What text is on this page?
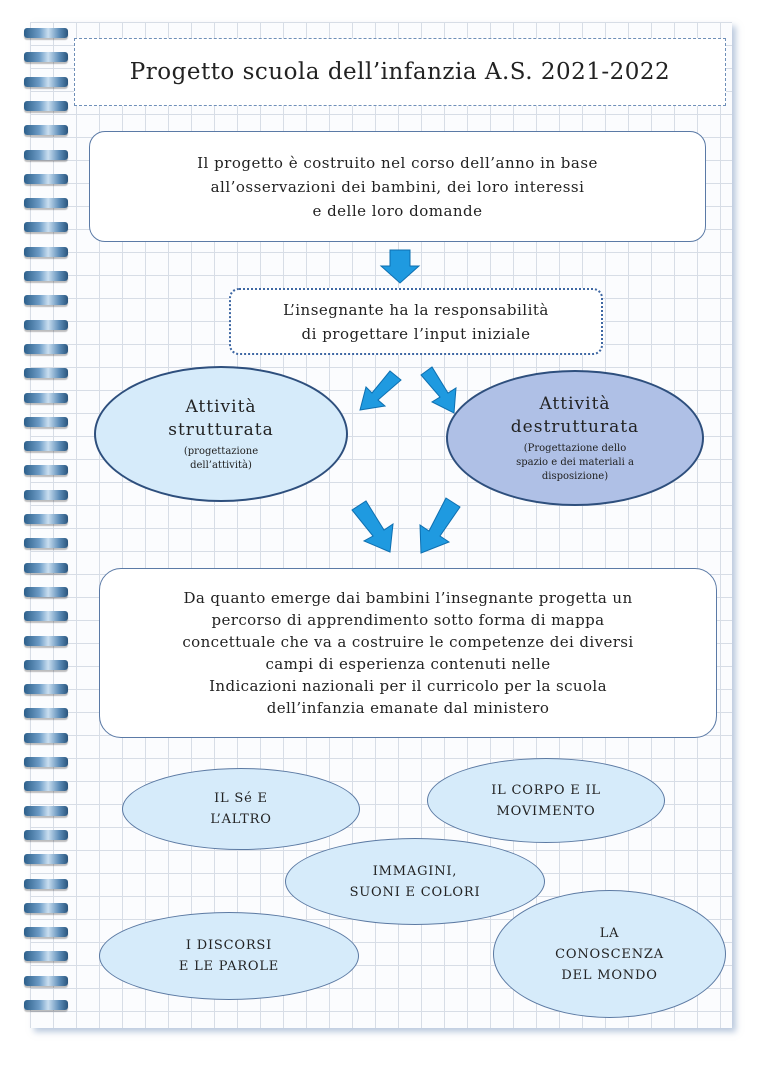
Progetto scuola dell’infanzia A.S. 2021-2022
Il progetto è costruito nel corso dell’anno in base
all’osservazioni dei bambini, dei loro interessi
e delle loro domande
L’insegnante ha la responsabilità
di progettare l’input iniziale
Attività
strutturata
(progettazione
dell’attività)
Attività
destrutturata
(Progettazione dello
spazio e dei materiali a
disposizione)
Da quanto emerge dai bambini l’insegnante progetta un
percorso di apprendimento sotto forma di mappa
concettuale che va a costruire le competenze dei diversi
campi di esperienza contenuti nelle
Indicazioni nazionali per il curricolo per la scuola
dell’infanzia emanate dal ministero
IL Sé E
L’ALTRO
IL CORPO E IL
MOVIMENTO
IMMAGINI,
SUONI E COLORI
I DISCORSI
E LE PAROLE
LA
CONOSCENZA
DEL MONDO
